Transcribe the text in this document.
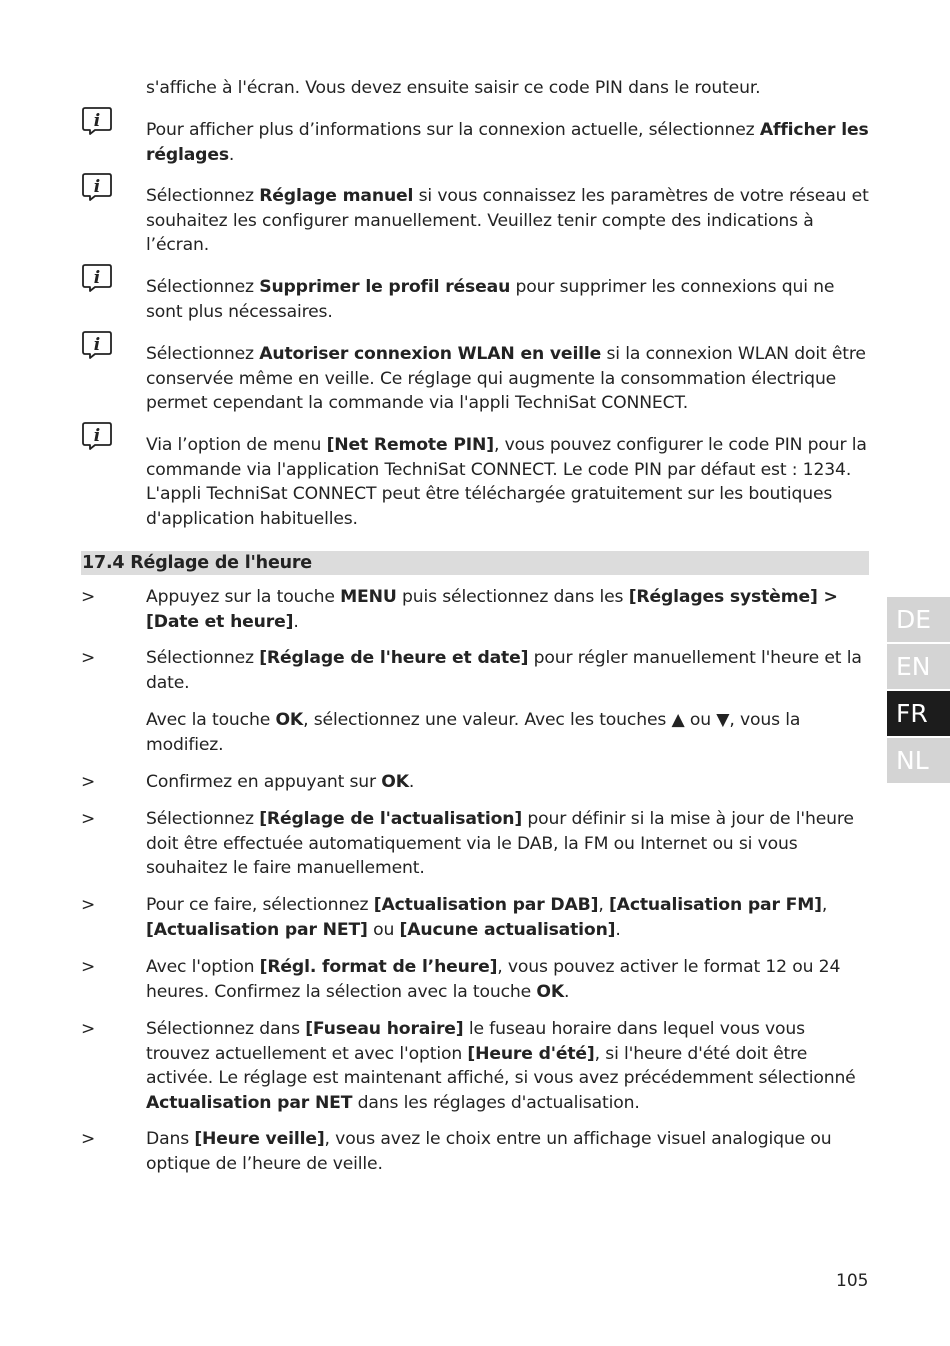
s'affiche à l'écran. Vous devez ensuite saisir ce code PIN dans le routeur.
i	Pour afficher plus d’informations sur la connexion actuelle, sélectionnez Afficher les réglages.
i	Sélectionnez Réglage manuel si vous connaissez les paramètres de votre réseau et souhaitez les configurer manuellement. Veuillez tenir compte des indications à l’écran.
i	Sélectionnez Supprimer le profil réseau pour supprimer les connexions qui ne sont plus nécessaires.
i	Sélectionnez Autoriser connexion WLAN en veille si la connexion WLAN doit être conservée même en veille. Ce réglage qui augmente la consommation électrique permet cependant la commande via l'appli TechniSat CONNECT.
i	Via l’option de menu [Net Remote PIN], vous pouvez configurer le code PIN pour la commande via l'application TechniSat CONNECT. Le code PIN par défaut est : 1234. L'appli TechniSat CONNECT peut être téléchargée gratuitement sur les boutiques d'application habituelles.
17.4 Réglage de l'heure
>	Appuyez sur la touche MENU puis sélectionnez dans les [Réglages système] > [Date et heure].
>	Sélectionnez [Réglage de l'heure et date] pour régler manuellement l'heure et la date.
Avec la touche OK, sélectionnez une valeur. Avec les touches ▲ ou ▼, vous la modifiez.
>	Confirmez en appuyant sur OK.
>	Sélectionnez [Réglage de l'actualisation] pour définir si la mise à jour de l'heure doit être effectuée automatiquement via le DAB, la FM ou Internet ou si vous souhaitez le faire manuellement.
>	Pour ce faire, sélectionnez [Actualisation par DAB], [Actualisation par FM], [Actualisation par NET] ou [Aucune actualisation].
>	Avec l'option [Régl. format de l’heure], vous pouvez activer le format 12 ou 24 heures. Confirmez la sélection avec la touche OK.
>	Sélectionnez dans [Fuseau horaire] le fuseau horaire dans lequel vous vous trouvez actuellement et avec l'option [Heure d'été], si l'heure d'été doit être activée. Le réglage est maintenant affiché, si vous avez précédemment sélectionné Actualisation par NET dans les réglages d'actualisation.
>	Dans [Heure veille], vous avez le choix entre un affichage visuel analogique ou optique de l’heure de veille.
DE
EN
FR
NL
105
